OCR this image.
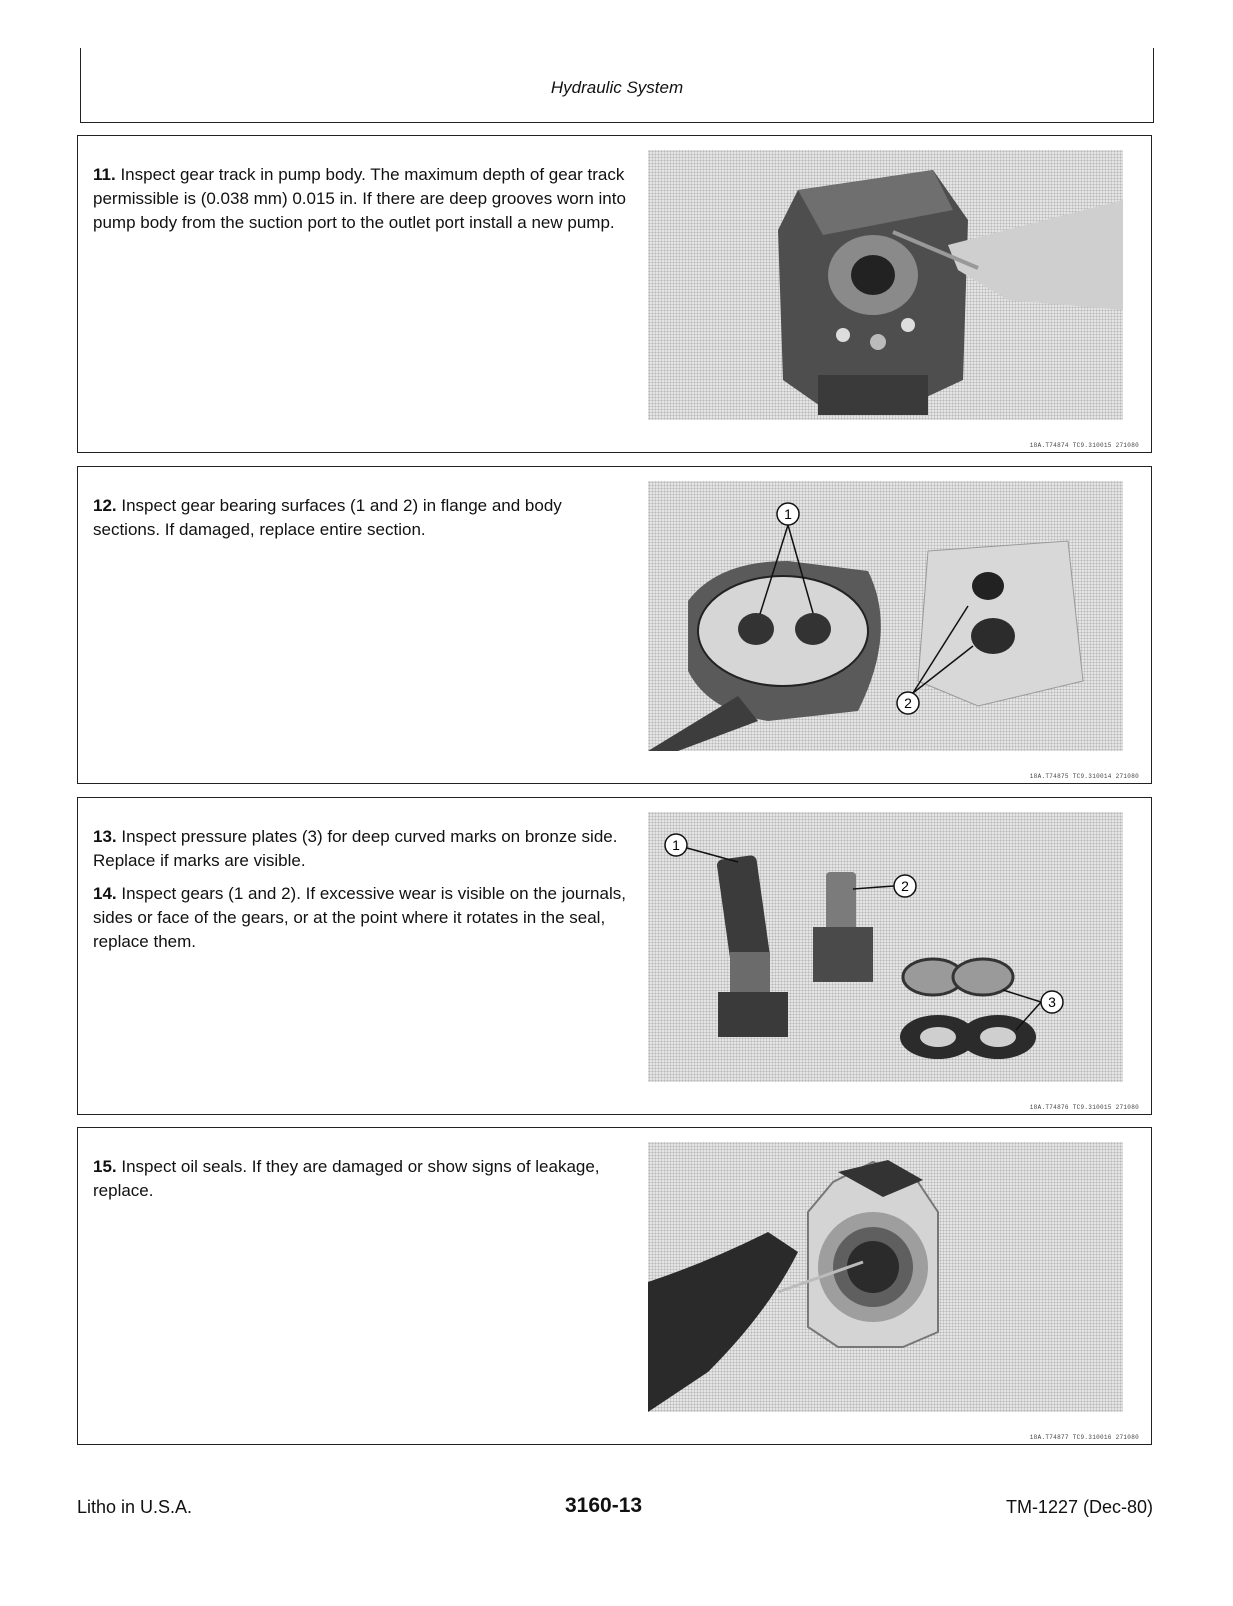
Hydraulic System

11. Inspect gear track in pump body. The maximum depth of gear track permissible is (0.038 mm) 0.015 in. If there are deep grooves worn into pump body from the suction port to the outlet port install a new pump.

18A.T74874 TC9.310015 271080

12. Inspect gear bearing surfaces (1 and 2) in flange and body sections. If damaged, replace entire section.

1
2
18A.T74875 TC9.310014 271080

13. Inspect pressure plates (3) for deep curved marks on bronze side. Replace if marks are visible.

14. Inspect gears (1 and 2). If excessive wear is visible on the journals, sides or face of the gears, or at the point where it rotates in the seal, replace them.

1
2
3
18A.T74876 TC9.310015 271080

15. Inspect oil seals. If they are damaged or show signs of leakage, replace.

18A.T74877 TC9.310016 271080
Litho in U.S.A.	3160-13	TM-1227 (Dec-80)
